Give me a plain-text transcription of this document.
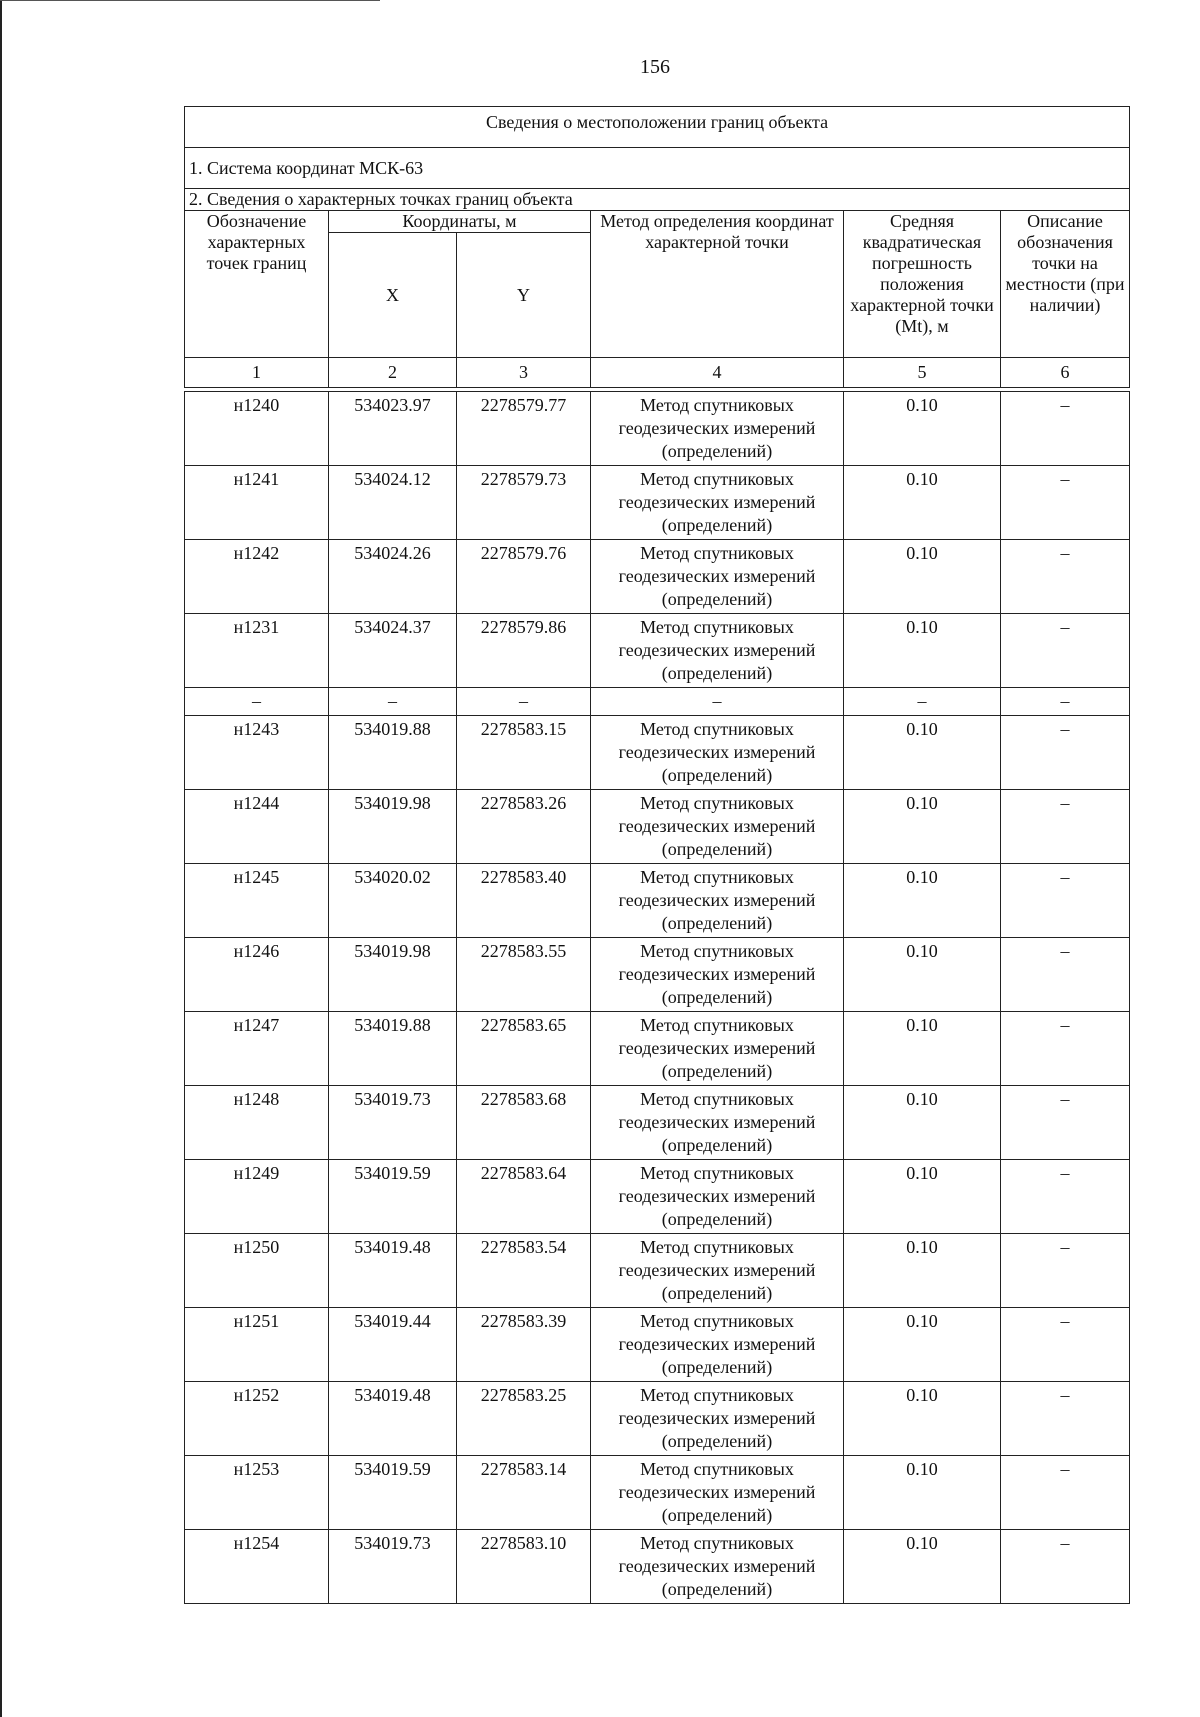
156
Сведения о местоположении границ объекта					

1. Система координат МСК-63					
2. Сведения о характерных точках границ объекта					
Обозначение характерных точек границ	Координаты, м		Метод определения координат характерной точки	Средняя квадратическая погрешность положения характерной точки (Mt), м	Описание обозначения точки на местности (при наличии)
	X	Y			
1	2	3	4	5	6

н1240	534023.97	2278579.77	Метод спутниковых геодезических измерений (определений)	0.10	–
н1241	534024.12	2278579.73	Метод спутниковых геодезических измерений (определений)	0.10	–
н1242	534024.26	2278579.76	Метод спутниковых геодезических измерений (определений)	0.10	–
н1231	534024.37	2278579.86	Метод спутниковых геодезических измерений (определений)	0.10	–
–	–	–	–	–	–
н1243	534019.88	2278583.15	Метод спутниковых геодезических измерений (определений)	0.10	–
н1244	534019.98	2278583.26	Метод спутниковых геодезических измерений (определений)	0.10	–
н1245	534020.02	2278583.40	Метод спутниковых геодезических измерений (определений)	0.10	–
н1246	534019.98	2278583.55	Метод спутниковых геодезических измерений (определений)	0.10	–
н1247	534019.88	2278583.65	Метод спутниковых геодезических измерений (определений)	0.10	–
н1248	534019.73	2278583.68	Метод спутниковых геодезических измерений (определений)	0.10	–
н1249	534019.59	2278583.64	Метод спутниковых геодезических измерений (определений)	0.10	–
н1250	534019.48	2278583.54	Метод спутниковых геодезических измерений (определений)	0.10	–
н1251	534019.44	2278583.39	Метод спутниковых геодезических измерений (определений)	0.10	–
н1252	534019.48	2278583.25	Метод спутниковых геодезических измерений (определений)	0.10	–
н1253	534019.59	2278583.14	Метод спутниковых геодезических измерений (определений)	0.10	–
н1254	534019.73	2278583.10	Метод спутниковых геодезических измерений (определений)	0.10	–
